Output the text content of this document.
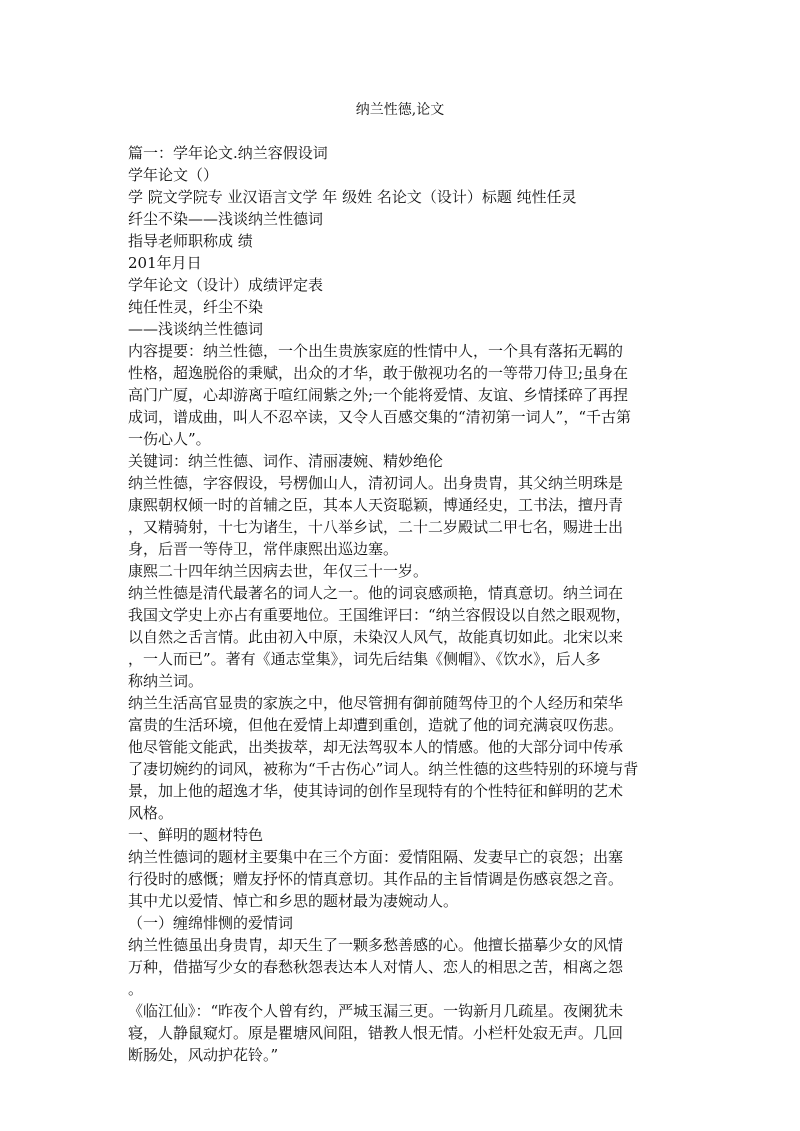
纳兰性德,论文
篇一：学年论文.纳兰容假设词
学年论文（）
学 院文学院专 业汉语言文学 年 级姓 名论文（设计）标题 纯性任灵
纤尘不染——浅谈纳兰性德词
指导老师职称成 绩
201年月日
学年论文（设计）成绩评定表
纯任性灵，纤尘不染
——浅谈纳兰性德词
内容提要：纳兰性德，一个出生贵族家庭的性情中人，一个具有落拓无羁的
性格，超逸脱俗的秉赋，出众的才华，敢于傲视功名的一等带刀侍卫;虽身在
高门广厦，心却游离于喧红闹紫之外;一个能将爱情、友谊、乡情揉碎了再捏
成词，谱成曲，叫人不忍卒读，又令人百感交集的“清初第一词人”，“千古第
一伤心人”。
关键词：纳兰性德、词作、清丽凄婉、精妙绝伦
纳兰性德，字容假设，号楞伽山人，清初词人。出身贵胄，其父纳兰明珠是
康熙朝权倾一时的首辅之臣，其本人天资聪颖，博通经史，工书法，擅丹青
，又精骑射，十七为诸生，十八举乡试，二十二岁殿试二甲七名，赐进士出
身，后晋一等侍卫，常伴康熙出巡边塞。
康熙二十四年纳兰因病去世，年仅三十一岁。
纳兰性德是清代最著名的词人之一。他的词哀感顽艳，情真意切。纳兰词在
我国文学史上亦占有重要地位。王国维评曰：“纳兰容假设以自然之眼观物，
以自然之舌言情。此由初入中原，未染汉人风气，故能真切如此。北宋以来
，一人而已”。著有《通志堂集》，词先后结集《侧帽》、《饮水》，后人多
称纳兰词。
纳兰生活高官显贵的家族之中，他尽管拥有御前随驾侍卫的个人经历和荣华
富贵的生活环境，但他在爱情上却遭到重创，造就了他的词充满哀叹伤悲。
他尽管能文能武，出类拔萃，却无法驾驭本人的情感。他的大部分词中传承
了凄切婉约的词风，被称为“千古伤心”词人。纳兰性德的这些特别的环境与背
景，加上他的超逸才华，使其诗词的创作呈现特有的个性特征和鲜明的艺术
风格。
一、鲜明的题材特色
纳兰性德词的题材主要集中在三个方面：爱情阻隔、发妻早亡的哀怨；出塞
行役时的感慨；赠友抒怀的情真意切。其作品的主旨情调是伤感哀怨之音。
其中尤以爱情、悼亡和乡思的题材最为凄婉动人。
（一）缠绵悱恻的爱情词
纳兰性德虽出身贵胄，却天生了一颗多愁善感的心。他擅长描摹少女的风情
万种，借描写少女的春愁秋怨表达本人对情人、恋人的相思之苦，相离之怨
。
《临江仙》：“昨夜个人曾有约，严城玉漏三更。一钩新月几疏星。夜阑犹未
寝，人静鼠窥灯。原是瞿塘风间阻，错教人恨无情。小栏杆处寂无声。几回
断肠处，风动护花铃。”
